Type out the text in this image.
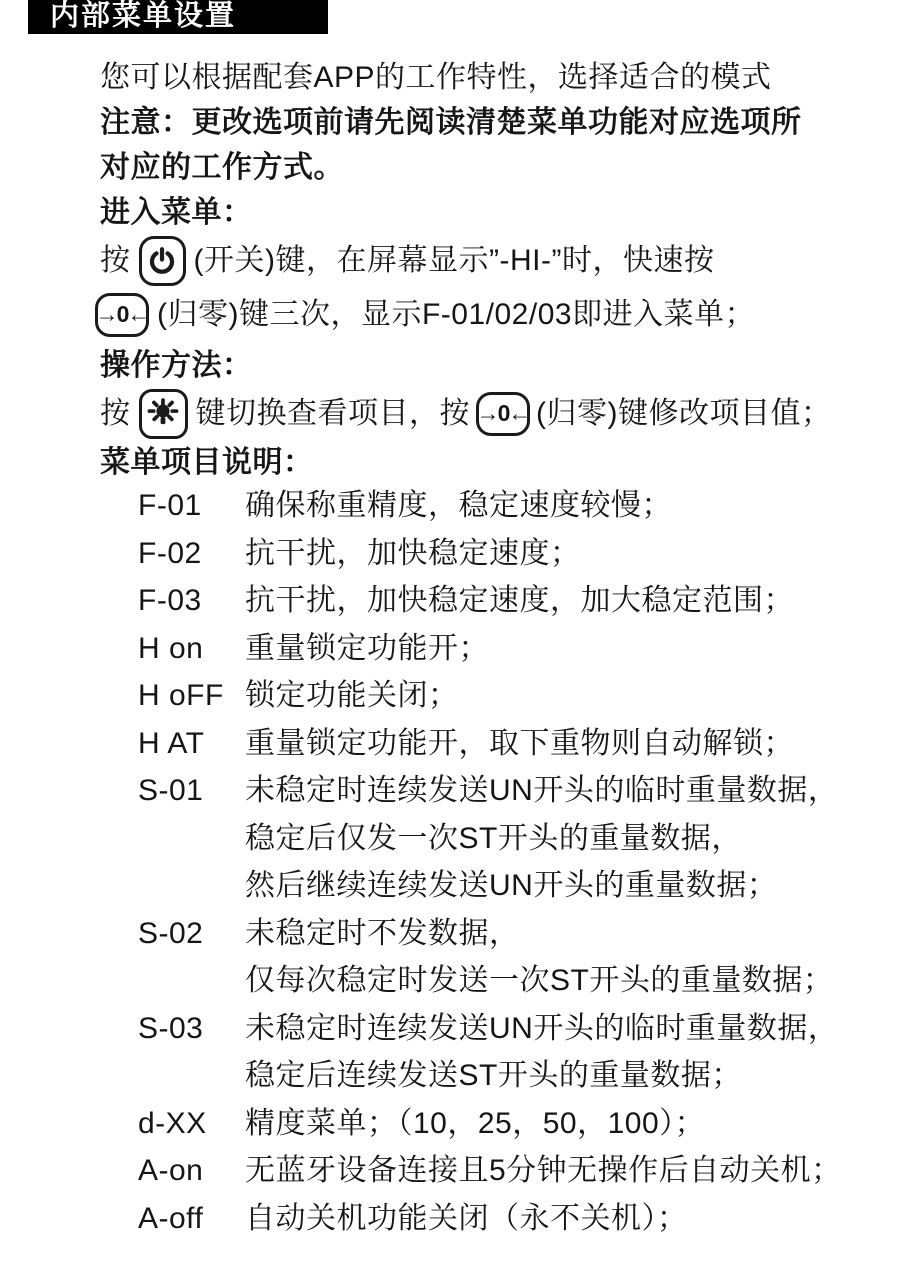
内部菜单设置

您可以根据配套APP的工作特性，选择适合的模式

注意：更改选项前请先阅读清楚菜单功能对应选项所

对应的工作方式。

进入菜单：

按 (开关)键，在屏幕显示”-HI-”时，快速按

→0← (归零)键三次，显示F-01/02/03即进入菜单；

操作方法：

按 键切换查看项目，按 →0← (归零)键修改项目值；

菜单项目说明：

F-01	确保称重精度，稳定速度较慢；
F-02	抗干扰，加快稳定速度；
F-03	抗干扰，加快稳定速度，加大稳定范围；
H on	重量锁定功能开；
H oFF 锁定功能关闭；
H AT	重量锁定功能开，取下重物则自动解锁；
S-01	未稳定时连续发送UN开头的临时重量数据，
稳定后仅发一次ST开头的重量数据，
然后继续连续发送UN开头的重量数据；
S-02	未稳定时不发数据，
仅每次稳定时发送一次ST开头的重量数据；
S-03	未稳定时连续发送UN开头的临时重量数据，
稳定后连续发送ST开头的重量数据；
d-XX	精度菜单；（10，25，50，100）；
A-on	无蓝牙设备连接且5分钟无操作后自动关机；
A-off	自动关机功能关闭（永不关机）；
